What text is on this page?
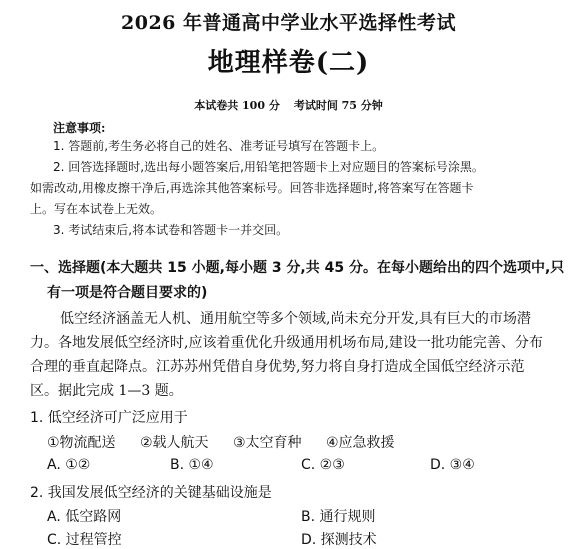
2026 年普通高中学业水平选择性考试
地理样卷(二)
本试卷共 100 分 考试时间 75 分钟
注意事项:
1. 答题前,考生务必将自己的姓名、准考证号填写在答题卡上。
2. 回答选择题时,选出每小题答案后,用铅笔把答题卡上对应题目的答案标号涂黑。
如需改动,用橡皮擦干净后,再选涂其他答案标号。回答非选择题时,将答案写在答题卡
上。写在本试卷上无效。
3. 考试结束后,将本试卷和答题卡一并交回。
一、选择题(本大题共 15 小题,每小题 3 分,共 45 分。在每小题给出的四个选项中,只
有一项是符合题目要求的)
低空经济涵盖无人机、通用航空等多个领域,尚未充分开发,具有巨大的市场潜
力。各地发展低空经济时,应该着重优化升级通用机场布局,建设一批功能完善、分布
合理的垂直起降点。江苏苏州凭借自身优势,努力将自身打造成全国低空经济示范
区。据此完成 1—3 题。
1. 低空经济可广泛应用于
①物流配送 ②载人航天 ③太空育种 ④应急救援
A. ①②	B. ①④	C. ②③	D. ③④
2. 我国发展低空经济的关键基础设施是
A. 低空路网	B. 通行规则
C. 过程管控	D. 探测技术
